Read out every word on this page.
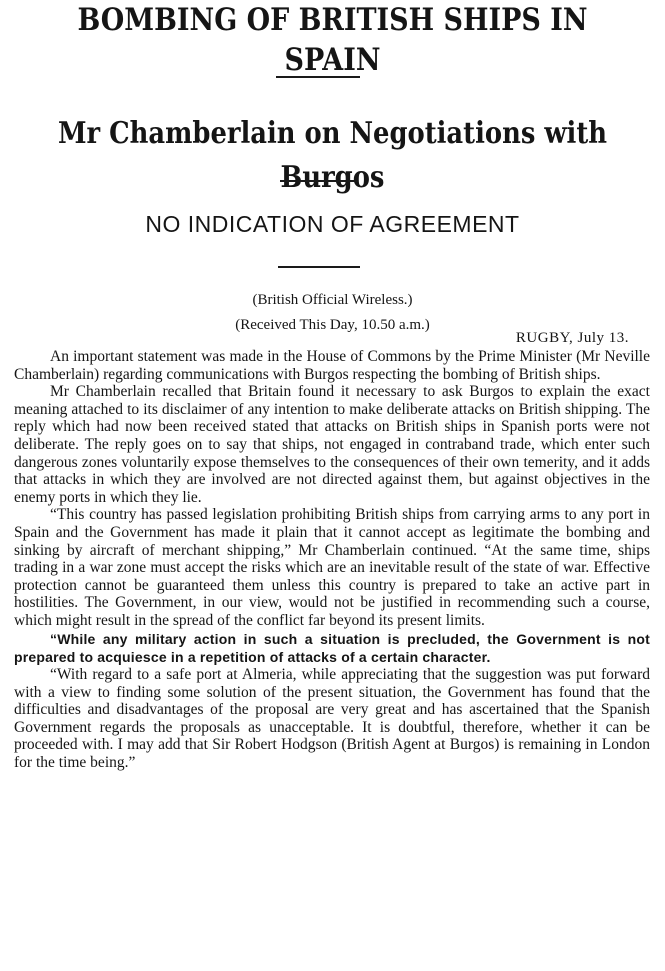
BOMBING OF BRITISH SHIPS IN SPAIN
Mr Chamberlain on Negotiations with Burgos
NO INDICATION OF AGREEMENT
(British Official Wireless.)
(Received This Day, 10.50 a.m.)
RUGBY, July 13.

An important statement was made in the House of Commons by the Prime Minister (Mr Neville Chamberlain) regarding communications with Burgos respecting the bombing of British ships.

Mr Chamberlain recalled that Britain found it necessary to ask Burgos to explain the exact meaning attached to its disclaimer of any intention to make deliberate attacks on British shipping. The reply which had now been received stated that attacks on British ships in Spanish ports were not deliberate. The reply goes on to say that ships, not engaged in contraband trade, which enter such dangerous zones voluntarily expose themselves to the consequences of their own temerity, and it adds that attacks in which they are involved are not directed against them, but against objectives in the enemy ports in which they lie.

“This country has passed legislation prohibiting British ships from carrying arms to any port in Spain and the Government has made it plain that it cannot accept as legitimate the bombing and sinking by aircraft of merchant shipping,” Mr Chamberlain continued. “At the same time, ships trading in a war zone must accept the risks which are an inevitable result of the state of war. Effective protection cannot be guaranteed them unless this country is prepared to take an active part in hostilities. The Government, in our view, would not be justified in recommending such a course, which might result in the spread of the conflict far beyond its present limits.

“While any military action in such a situation is precluded, the Government is not prepared to acquiesce in a repetition of attacks of a certain character.

“With regard to a safe port at Almeria, while appreciating that the suggestion was put forward with a view to finding some solution of the present situation, the Government has found that the difficulties and disadvantages of the proposal are very great and has ascertained that the Spanish Government regards the proposals as unacceptable. It is doubtful, therefore, whether it can be proceeded with. I may add that Sir Robert Hodgson (British Agent at Burgos) is remaining in London for the time being.”
